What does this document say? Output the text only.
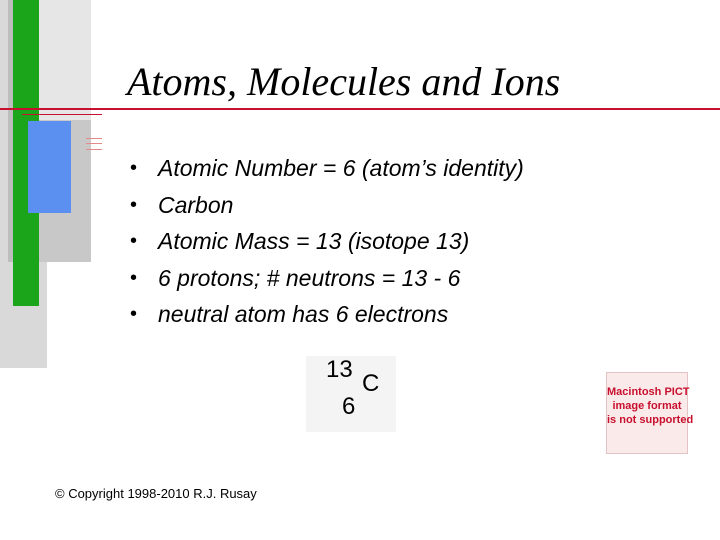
Atoms, Molecules and Ions
• Atomic Number = 6 (atom’s identity)
• Carbon
• Atomic Mass = 13 (isotope 13)
• 6 protons; # neutrons = 13 - 6
• neutral atom has 6 electrons
13
C
6
Macintosh PICT
image format
is not supported
© Copyright 1998-2010 R.J. Rusay
